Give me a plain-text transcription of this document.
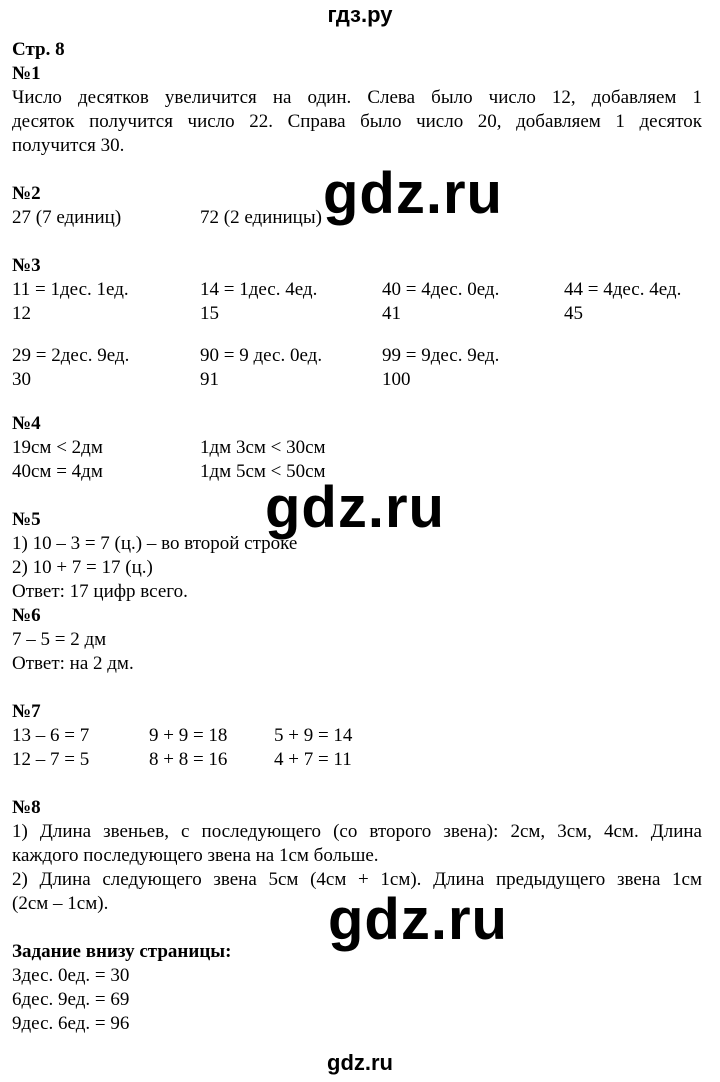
гдз.ру
Стр. 8
№1
Число десятков увеличится на один. Слева было число 12, добавляем 1
десяток получится число 22. Справа было число 20, добавляем 1 десяток
получится 30.
№2
27 (7 единиц)	72 (2 единицы)
№3
11 = 1дес. 1ед.	14 = 1дес. 4ед.	40 = 4дес. 0ед.	44 = 4дес. 4ед.
12	15	41	45
29 = 2дес. 9ед.	90 = 9 дес. 0ед.	99 = 9дес. 9ед.
30	91	100
№4
19см < 2дм	1дм 3см < 30см
40см = 4дм	1дм 5см < 50см
№5
1) 10 – 3 = 7 (ц.) – во второй строке
2) 10 + 7 = 17 (ц.)
Ответ: 17 цифр всего.
№6
7 – 5 = 2 дм
Ответ: на 2 дм.
№7
13 – 6 = 7	9 + 9 = 18 5 + 9 = 14
12 – 7 = 5	8 + 8 = 16 4 + 7 = 11
№8
1) Длина звеньев, с последующего (со второго звена): 2см, 3см, 4см. Длина
каждого последующего звена на 1см больше.
2) Длина следующего звена 5см (4см + 1см). Длина предыдущего звена 1см
(2см – 1см).
Задание внизу страницы:
3дес. 0ед. = 30
6дес. 9ед. = 69
9дес. 6ед. = 96
gdz.ru
gdz.ru
gdz.ru
gdz.ru
